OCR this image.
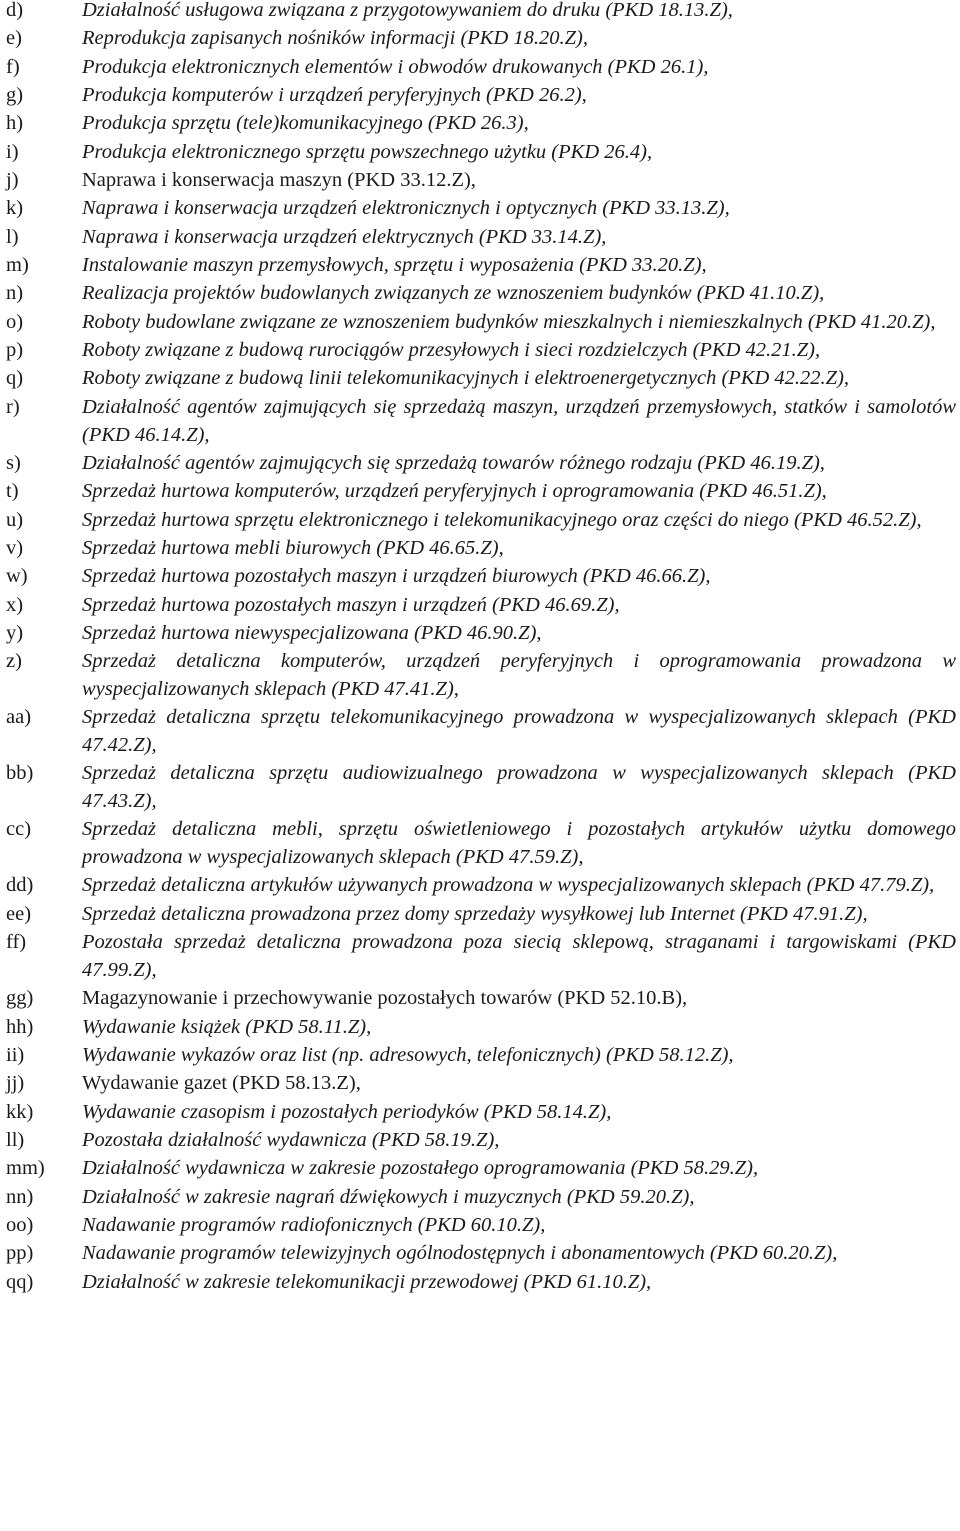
d)	Działalność usługowa związana z przygotowywaniem do druku (PKD 18.13.Z),
e)	Reprodukcja zapisanych nośników informacji (PKD 18.20.Z),
f)	Produkcja elektronicznych elementów i obwodów drukowanych (PKD 26.1),
g)	Produkcja komputerów i urządzeń peryferyjnych (PKD 26.2),
h)	Produkcja sprzętu (tele)komunikacyjnego (PKD 26.3),
i)	Produkcja elektronicznego sprzętu powszechnego użytku (PKD 26.4),
j)	Naprawa i konserwacja maszyn (PKD 33.12.Z),
k)	Naprawa i konserwacja urządzeń elektronicznych i optycznych (PKD 33.13.Z),
l)	Naprawa i konserwacja urządzeń elektrycznych (PKD 33.14.Z),
m)	Instalowanie maszyn przemysłowych, sprzętu i wyposażenia (PKD 33.20.Z),
n)	Realizacja projektów budowlanych związanych ze wznoszeniem budynków (PKD 41.10.Z),
o)	Roboty budowlane związane ze wznoszeniem budynków mieszkalnych i niemieszkalnych (PKD 41.20.Z),
p)	Roboty związane z budową rurociągów przesyłowych i sieci rozdzielczych (PKD 42.21.Z),
q)	Roboty związane z budową linii telekomunikacyjnych i elektroenergetycznych (PKD 42.22.Z),
r)	Działalność agentów zajmujących się sprzedażą maszyn, urządzeń przemysłowych, statków i samolotów (PKD 46.14.Z),
s)	Działalność agentów zajmujących się sprzedażą towarów różnego rodzaju (PKD 46.19.Z),
t)	Sprzedaż hurtowa komputerów, urządzeń peryferyjnych i oprogramowania (PKD 46.51.Z),
u)	Sprzedaż hurtowa sprzętu elektronicznego i telekomunikacyjnego oraz części do niego (PKD 46.52.Z),
v)	Sprzedaż hurtowa mebli biurowych (PKD 46.65.Z),
w)	Sprzedaż hurtowa pozostałych maszyn i urządzeń biurowych (PKD 46.66.Z),
x)	Sprzedaż hurtowa pozostałych maszyn i urządzeń (PKD 46.69.Z),
y)	Sprzedaż hurtowa niewyspecjalizowana (PKD 46.90.Z),
z)	Sprzedaż detaliczna komputerów, urządzeń peryferyjnych i oprogramowania prowadzona w wyspecjalizowanych sklepach (PKD 47.41.Z),
aa)	Sprzedaż detaliczna sprzętu telekomunikacyjnego prowadzona w wyspecjalizowanych sklepach (PKD 47.42.Z),
bb)	Sprzedaż detaliczna sprzętu audiowizualnego prowadzona w wyspecjalizowanych sklepach (PKD 47.43.Z),
cc)	Sprzedaż detaliczna mebli, sprzętu oświetleniowego i pozostałych artykułów użytku domowego prowadzona w wyspecjalizowanych sklepach (PKD 47.59.Z),
dd)	Sprzedaż detaliczna artykułów używanych prowadzona w wyspecjalizowanych sklepach (PKD 47.79.Z),
ee)	Sprzedaż detaliczna prowadzona przez domy sprzedaży wysyłkowej lub Internet (PKD 47.91.Z),
ff)	Pozostała sprzedaż detaliczna prowadzona poza siecią sklepową, straganami i targowiskami (PKD 47.99.Z),
gg)	Magazynowanie i przechowywanie pozostałych towarów (PKD 52.10.B),
hh)	Wydawanie książek (PKD 58.11.Z),
ii)	Wydawanie wykazów oraz list (np. adresowych, telefonicznych) (PKD 58.12.Z),
jj)	Wydawanie gazet (PKD 58.13.Z),
kk)	Wydawanie czasopism i pozostałych periodyków (PKD 58.14.Z),
ll)	Pozostała działalność wydawnicza (PKD 58.19.Z),
mm)	Działalność wydawnicza w zakresie pozostałego oprogramowania (PKD 58.29.Z),
nn)	Działalność w zakresie nagrań dźwiękowych i muzycznych (PKD 59.20.Z),
oo)	Nadawanie programów radiofonicznych (PKD 60.10.Z),
pp)	Nadawanie programów telewizyjnych ogólnodostępnych i abonamentowych (PKD 60.20.Z),
qq)	Działalność w zakresie telekomunikacji przewodowej (PKD 61.10.Z),
